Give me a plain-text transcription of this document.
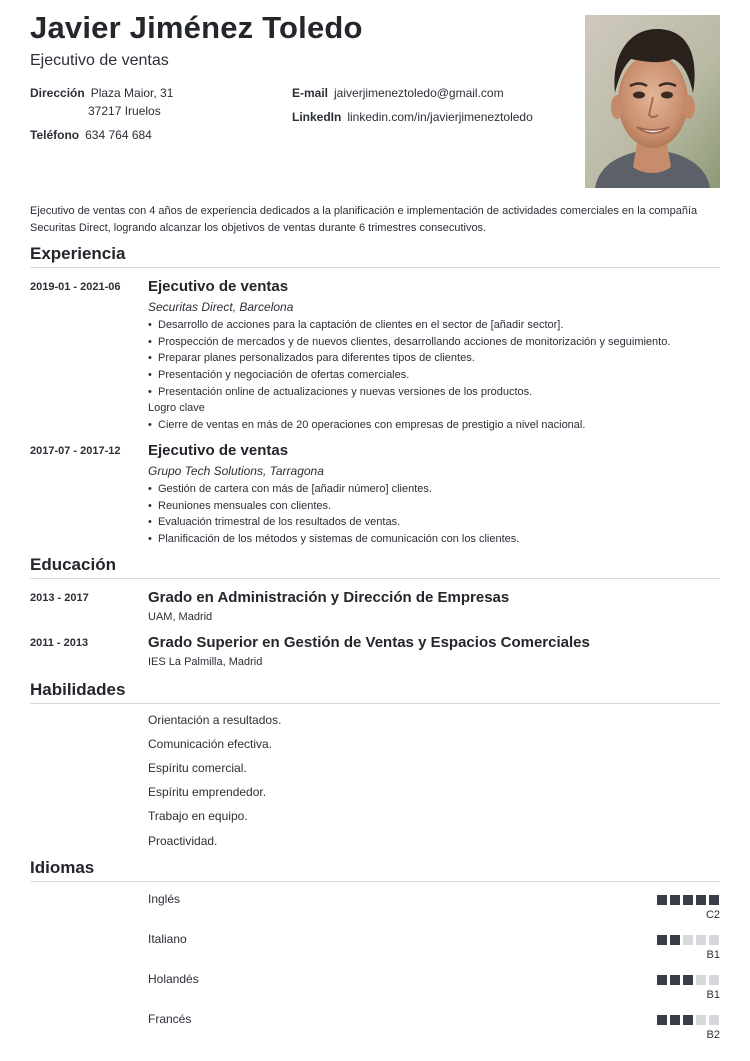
Javier Jiménez Toledo
Ejecutivo de ventas
Dirección Plaza Maior, 31
37217 Iruelos
Teléfono 634 764 684
E-mail jaiverjimeneztoledo@gmail.com
LinkedIn linkedin.com/in/javierjimeneztoledo
Ejecutivo de ventas con 4 años de experiencia dedicados a la planificación e implementación de actividades comerciales en la compañía Securitas Direct, logrando alcanzar los objetivos de ventas durante 6 trimestres consecutivos.
Experiencia
2019-01 - 2021-06 Ejecutivo de ventas
Securitas Direct, Barcelona
• Desarrollo de acciones para la captación de clientes en el sector de [añadir sector].
• Prospección de mercados y de nuevos clientes, desarrollando acciones de monitorización y seguimiento.
• Preparar planes personalizados para diferentes tipos de clientes.
• Presentación y negociación de ofertas comerciales.
• Presentación online de actualizaciones y nuevas versiones de los productos.
Logro clave
• Cierre de ventas en más de 20 operaciones con empresas de prestigio a nivel nacional.
2017-07 - 2017-12 Ejecutivo de ventas
Grupo Tech Solutions, Tarragona
• Gestión de cartera con más de [añadir número] clientes.
• Reuniones mensuales con clientes.
• Evaluación trimestral de los resultados de ventas.
• Planificación de los métodos y sistemas de comunicación con los clientes.
Educación
2013 - 2017	Grado en Administración y Dirección de Empresas
UAM, Madrid
2011 - 2013	Grado Superior en Gestión de Ventas y Espacios Comerciales
IES La Palmilla, Madrid
Habilidades
Orientación a resultados.
Comunicación efectiva.
Espíritu comercial.
Espíritu emprendedor.
Trabajo en equipo.
Proactividad.
Idiomas
Inglés
C2
Italiano
B1
Holandés
B1
Francés
B2
